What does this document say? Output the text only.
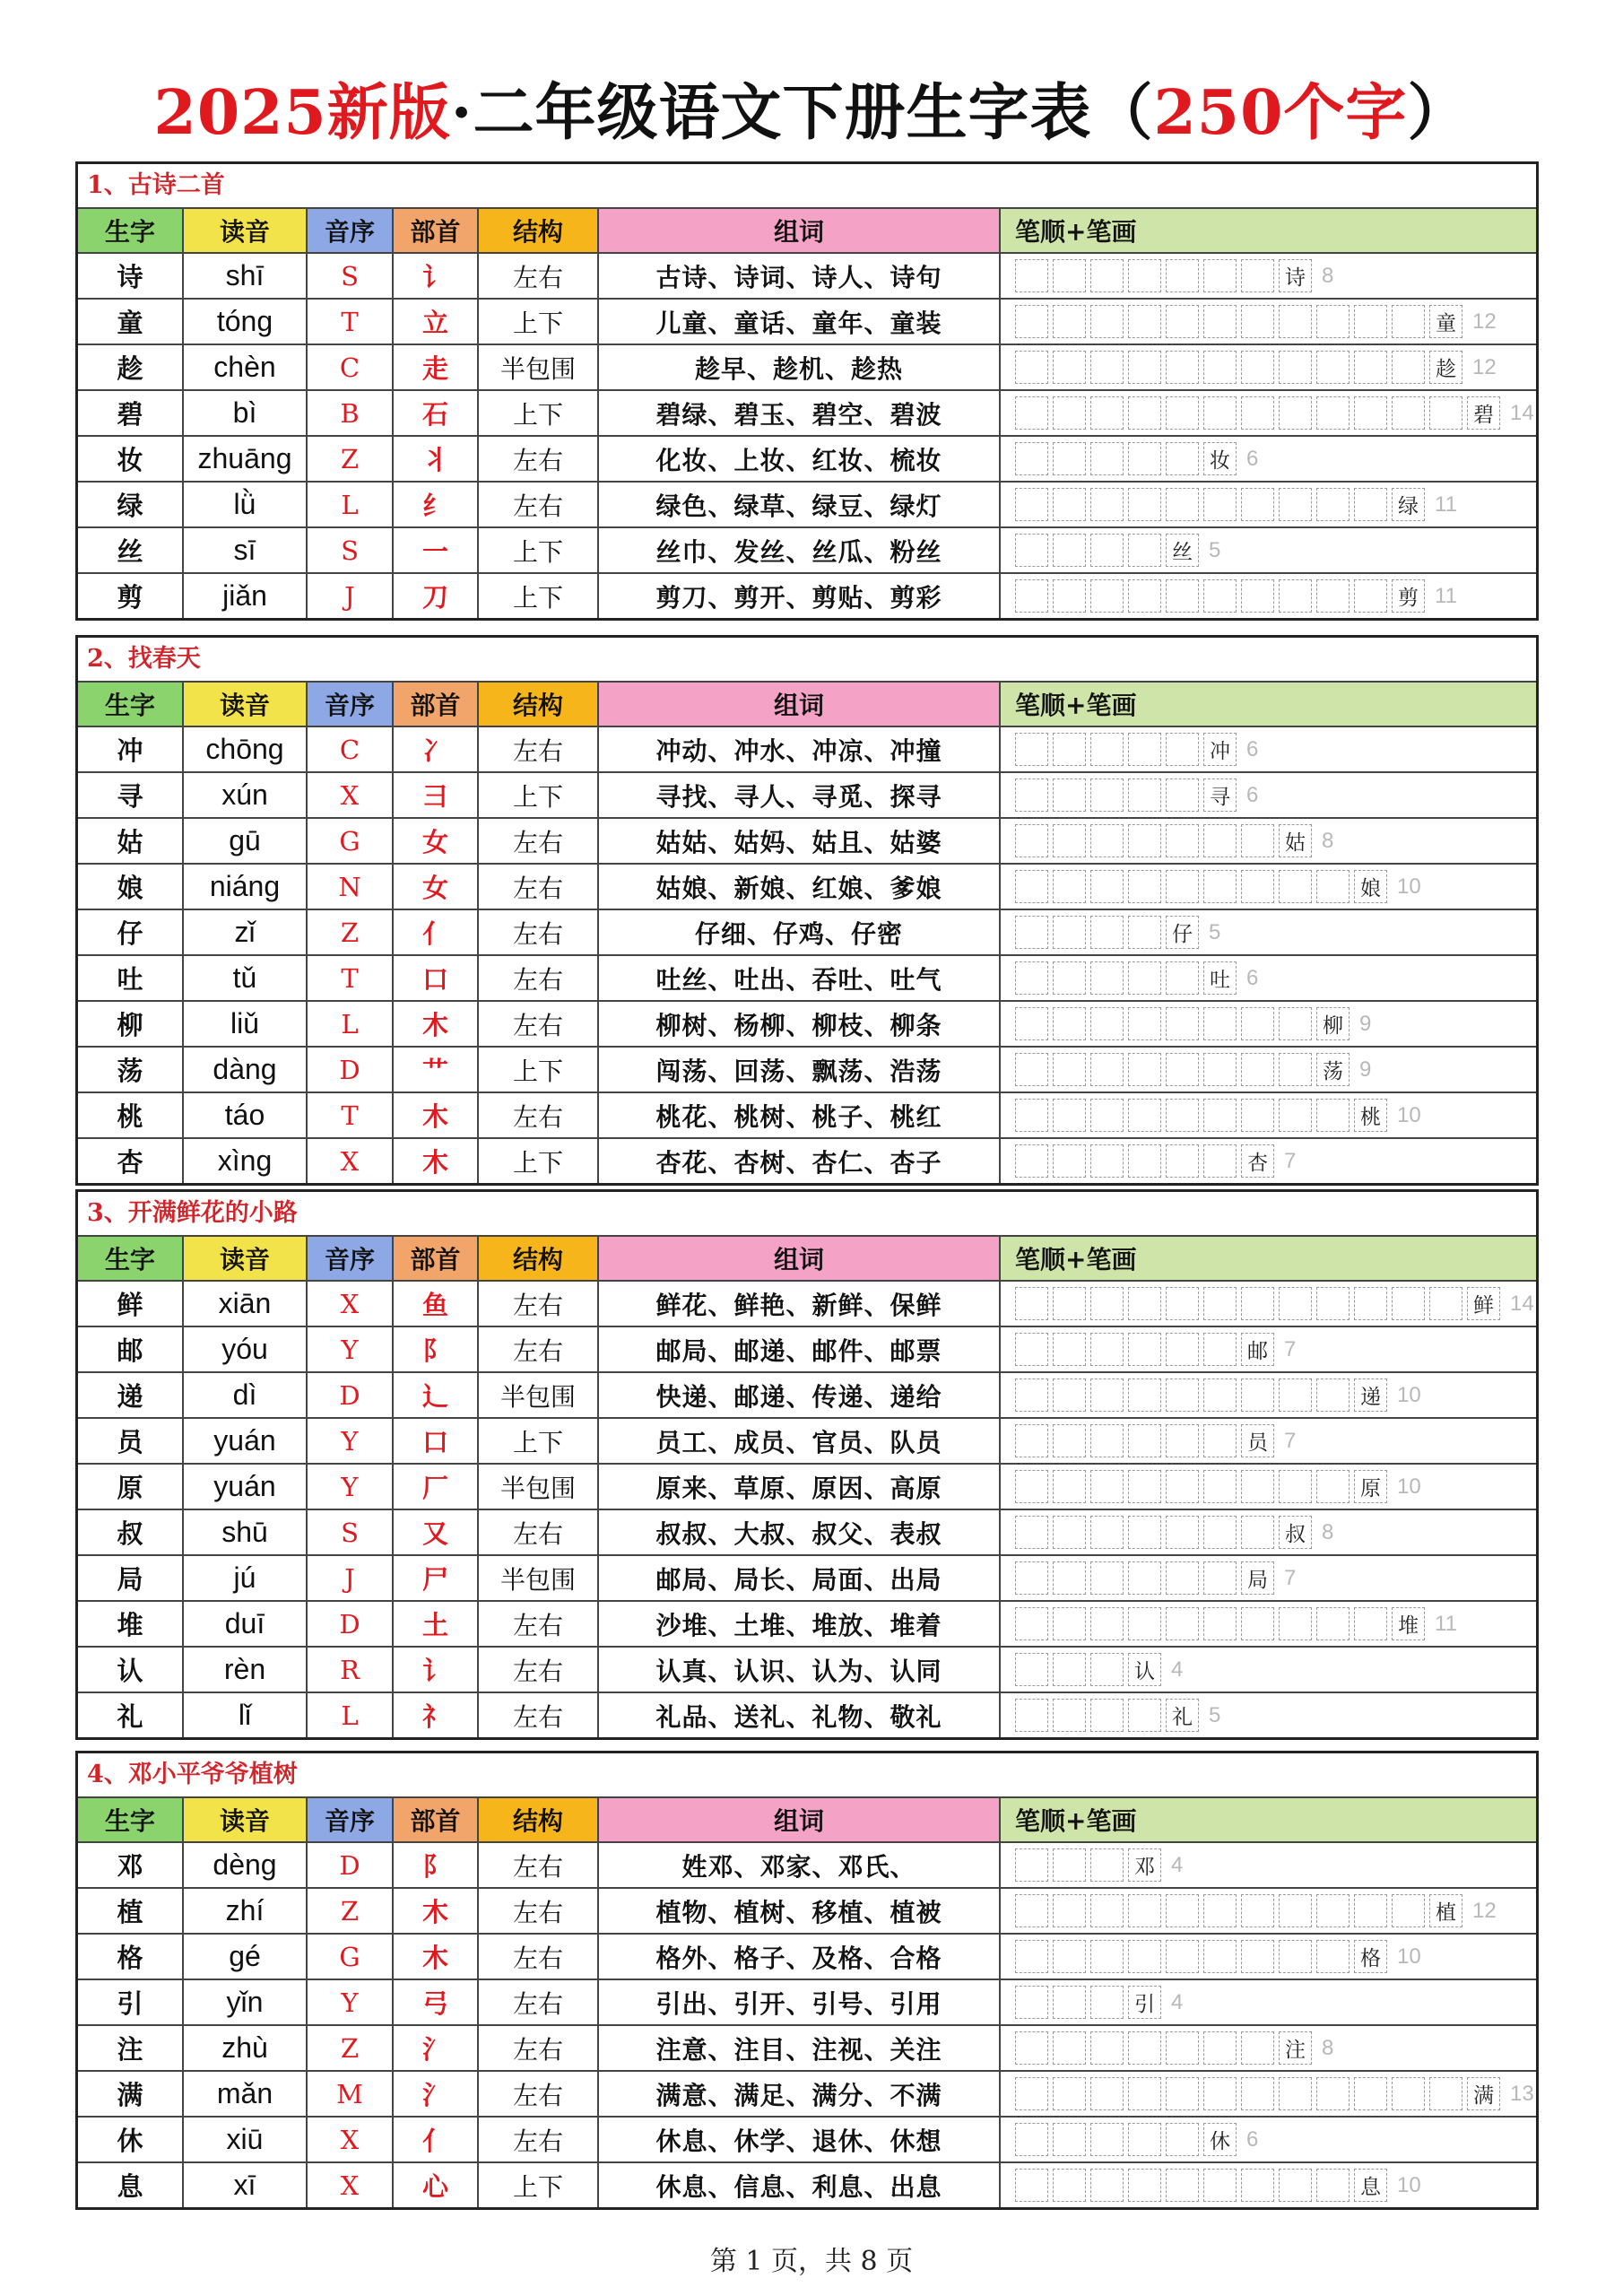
2025新版·二年级语文下册生字表（250个字）
1、古诗二首
生字	读音	音序	部首	结构	组词	笔顺+笔画
诗	shī	S	讠	左右	古诗、诗词、诗人、诗句	诗 8
童	tóng	T	立	上下	儿童、童话、童年、童装	童 12
趁	chèn	C	走	半包围	趁早、趁机、趁热	趁 12
碧	bì	B	石	上下	碧绿、碧玉、碧空、碧波	碧 14
妆	zhuāng	Z	丬	左右	化妆、上妆、红妆、梳妆	妆 6
绿	lǜ	L	纟	左右	绿色、绿草、绿豆、绿灯	绿 11
丝	sī	S	一	上下	丝巾、发丝、丝瓜、粉丝	丝 5
剪	jiǎn	J	刀	上下	剪刀、剪开、剪贴、剪彩	剪 11
2、找春天
生字	读音	音序	部首	结构	组词	笔顺+笔画
冲	chōng	C	冫	左右	冲动、冲水、冲凉、冲撞	冲 6
寻	xún	X	彐	上下	寻找、寻人、寻觅、探寻	寻 6
姑	gū	G	女	左右	姑姑、姑妈、姑且、姑婆	姑 8
娘	niáng	N	女	左右	姑娘、新娘、红娘、爹娘	娘 10
仔	zǐ	Z	亻	左右	仔细、仔鸡、仔密	仔 5
吐	tǔ	T	口	左右	吐丝、吐出、吞吐、吐气	吐 6
柳	liǔ	L	木	左右	柳树、杨柳、柳枝、柳条	柳 9
荡	dàng	D	艹	上下	闯荡、回荡、飘荡、浩荡	荡 9
桃	táo	T	木	左右	桃花、桃树、桃子、桃红	桃 10
杏	xìng	X	木	上下	杏花、杏树、杏仁、杏子	杏 7
3、开满鲜花的小路
生字	读音	音序	部首	结构	组词	笔顺+笔画
鲜	xiān	X	鱼	左右	鲜花、鲜艳、新鲜、保鲜	鲜 14
邮	yóu	Y	阝	左右	邮局、邮递、邮件、邮票	邮 7
递	dì	D	辶	半包围	快递、邮递、传递、递给	递 10
员	yuán	Y	口	上下	员工、成员、官员、队员	员 7
原	yuán	Y	厂	半包围	原来、草原、原因、高原	原 10
叔	shū	S	又	左右	叔叔、大叔、叔父、表叔	叔 8
局	jú	J	尸	半包围	邮局、局长、局面、出局	局 7
堆	duī	D	土	左右	沙堆、土堆、堆放、堆着	堆 11
认	rèn	R	讠	左右	认真、认识、认为、认同	认 4
礼	lǐ	L	礻	左右	礼品、送礼、礼物、敬礼	礼 5
4、邓小平爷爷植树
生字	读音	音序	部首	结构	组词	笔顺+笔画
邓	dèng	D	阝	左右	姓邓、邓家、邓氏、	邓 4
植	zhí	Z	木	左右	植物、植树、移植、植被	植 12
格	gé	G	木	左右	格外、格子、及格、合格	格 10
引	yǐn	Y	弓	左右	引出、引开、引号、引用	引 4
注	zhù	Z	氵	左右	注意、注目、注视、关注	注 8
满	mǎn	M	氵	左右	满意、满足、满分、不满	满 13
休	xiū	X	亻	左右	休息、休学、退休、休想	休 6
息	xī	X	心	上下	休息、信息、利息、出息	息 10
第 1 页，共 8 页
